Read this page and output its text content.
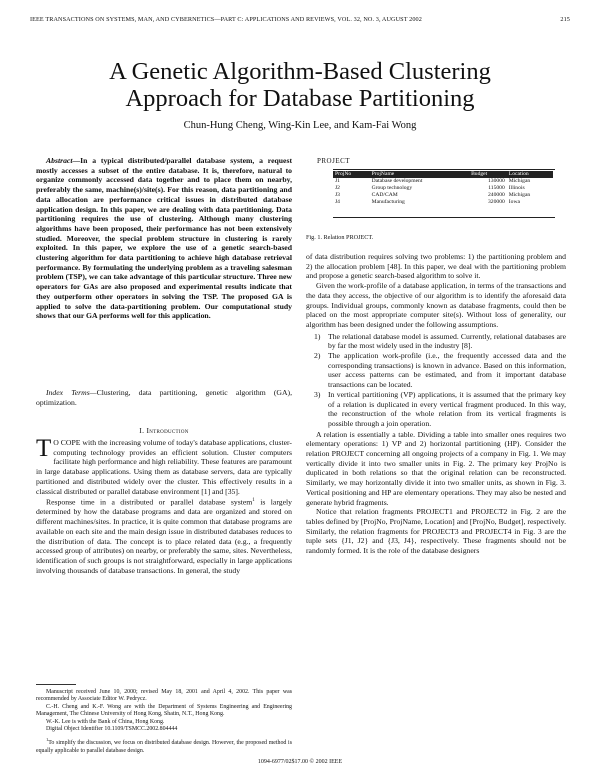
IEEE TRANSACTIONS ON SYSTEMS, MAN, AND CYBERNETICS—PART C: APPLICATIONS AND REVIEWS, VOL. 32, NO. 3, AUGUST 2002	215
A Genetic Algorithm-Based Clustering
Approach for Database Partitioning
Chun-Hung Cheng, Wing-Kin Lee, and Kam-Fai Wong

Abstract—In a typical distributed/parallel database system, a request mostly accesses a subset of the entire database. It is, therefore, natural to organize commonly accessed data together and to place them on nearby, preferably the same, machine(s)/site(s). For this reason, data partitioning and data allocation are performance critical issues in distributed database application design. In this paper, we are dealing with data partitioning. Data partitioning requires the use of clustering. Although many clustering algorithms have been proposed, their performance has not been extensively studied. Moreover, the special problem structure in clustering is rarely exploited. In this paper, we explore the use of a genetic search-based clustering algorithm for data partitioning to achieve high database retrieval performance. By formulating the underlying problem as a traveling salesman problem (TSP), we can take advantage of this particular structure. Three new operators for GAs are also proposed and experimental results indicate that they outperform other operators in solving the TSP. The proposed GA is applied to solve the data-partitioning problem. Our computational study shows that our GA performs well for this application.

Index Terms—Clustering, data partitioning, genetic algorithm (GA), optimization.

I. Introduction

T O COPE with the increasing volume of today's database applications, cluster-computing technology provides an efficient solution. Cluster computers facilitate high performance and high reliability. These features are paramount in large database applications. Using them as database servers, data are typically partitioned and distributed widely over the cluster. This effectively results in a classical distributed or parallel database environment [1] and [35].

Response time in a distributed or parallel database system$^1$ is largely determined by how the database programs and data are organized and stored on different machines/sites. In practice, it is quite common that database programs are available on each site and the main design issue in distributed databases reduces to the distribution of data. The concept is to place related data (e.g., a frequently accessed group of attributes) on nearby, or preferably the same, sites. Nevertheless, identification of such groups is not straightforward, especially in large applications involving thousands of database transactions. In general, the study

Manuscript received June 10, 2000; revised May 18, 2001 and April 4, 2002. This paper was recommended by Associate Editor W. Pedrycz.

C.-H. Cheng and K.-F. Wong are with the Department of Systems Engineering and Engineering Management, The Chinese University of Hong Kong, Shatin, N.T., Hong Kong.

W.-K. Lee is with the Bank of China, Hong Kong.

Digital Object Identifier 10.1109/TSMCC.2002.804444

$^1$To simplify the discussion, we focus on distributed database design. However, the proposed method is equally applicable to parallel database design.

PROJECT
ProjNo	ProjName	Budget	Location
J1	Database development	130000	Michigan
J2	Group technology	115000	Illinois
J3	CAD/CAM	240000	Michigan
J4	Manufacturing	320000	Iowa
Fig. 1. Relation PROJECT.

of data distribution requires solving two problems: 1) the partitioning problem and 2) the allocation problem [48]. In this paper, we deal with the partitioning problem and propose a genetic search-based algorithm to solve it.

Given the work-profile of a database application, in terms of the transactions and the data they access, the objective of our algorithm is to identify the aforesaid data groups. Individual groups, commonly known as database fragments, could then be placed on the most appropriate computer site(s). Without loss of generality, our algorithm has been designed under the following assumptions.

1) The relational database model is assumed. Currently, relational databases are by far the most widely used in the industry [8].
2) The application work-profile (i.e., the frequently accessed data and the corresponding transactions) is known in advance. Based on this information, user access patterns can be estimated, and from it important database transactions can be located.
3) In vertical partitioning (VP) applications, it is assumed that the primary key of a relation is duplicated in every vertical fragment produced. In this way, the reconstruction of the whole relation from its vertical fragments is possible through a join operation.

A relation is essentially a table. Dividing a table into smaller ones requires two elementary operations: 1) VP and 2) horizontal partitioning (HP). Consider the relation PROJECT concerning all ongoing projects of a company in Fig. 1. We may vertically divide it into two smaller units in Fig. 2. The primary key ProjNo is duplicated in both relations so that the original relation can be reconstructed. Similarly, we may horizontally divide it into two smaller units, as shown in Fig. 3. Vertical positioning and HP are elementary operations. They may also be nested and generate hybrid fragments.

Notice that relation fragments PROJECT1 and PROJECT2 in Fig. 2 are the tables defined by [ProjNo, ProjName, Location] and [ProjNo, Budget], respectively. Similarly, the relation fragments for PROJECT3 and PROJECT4 in Fig. 3 are the tuple sets {J1, J2} and {J3, J4}, respectively. These fragments should not be randomly formed. It is the role of the database designers

1094-6977/02$17.00 © 2002 IEEE
